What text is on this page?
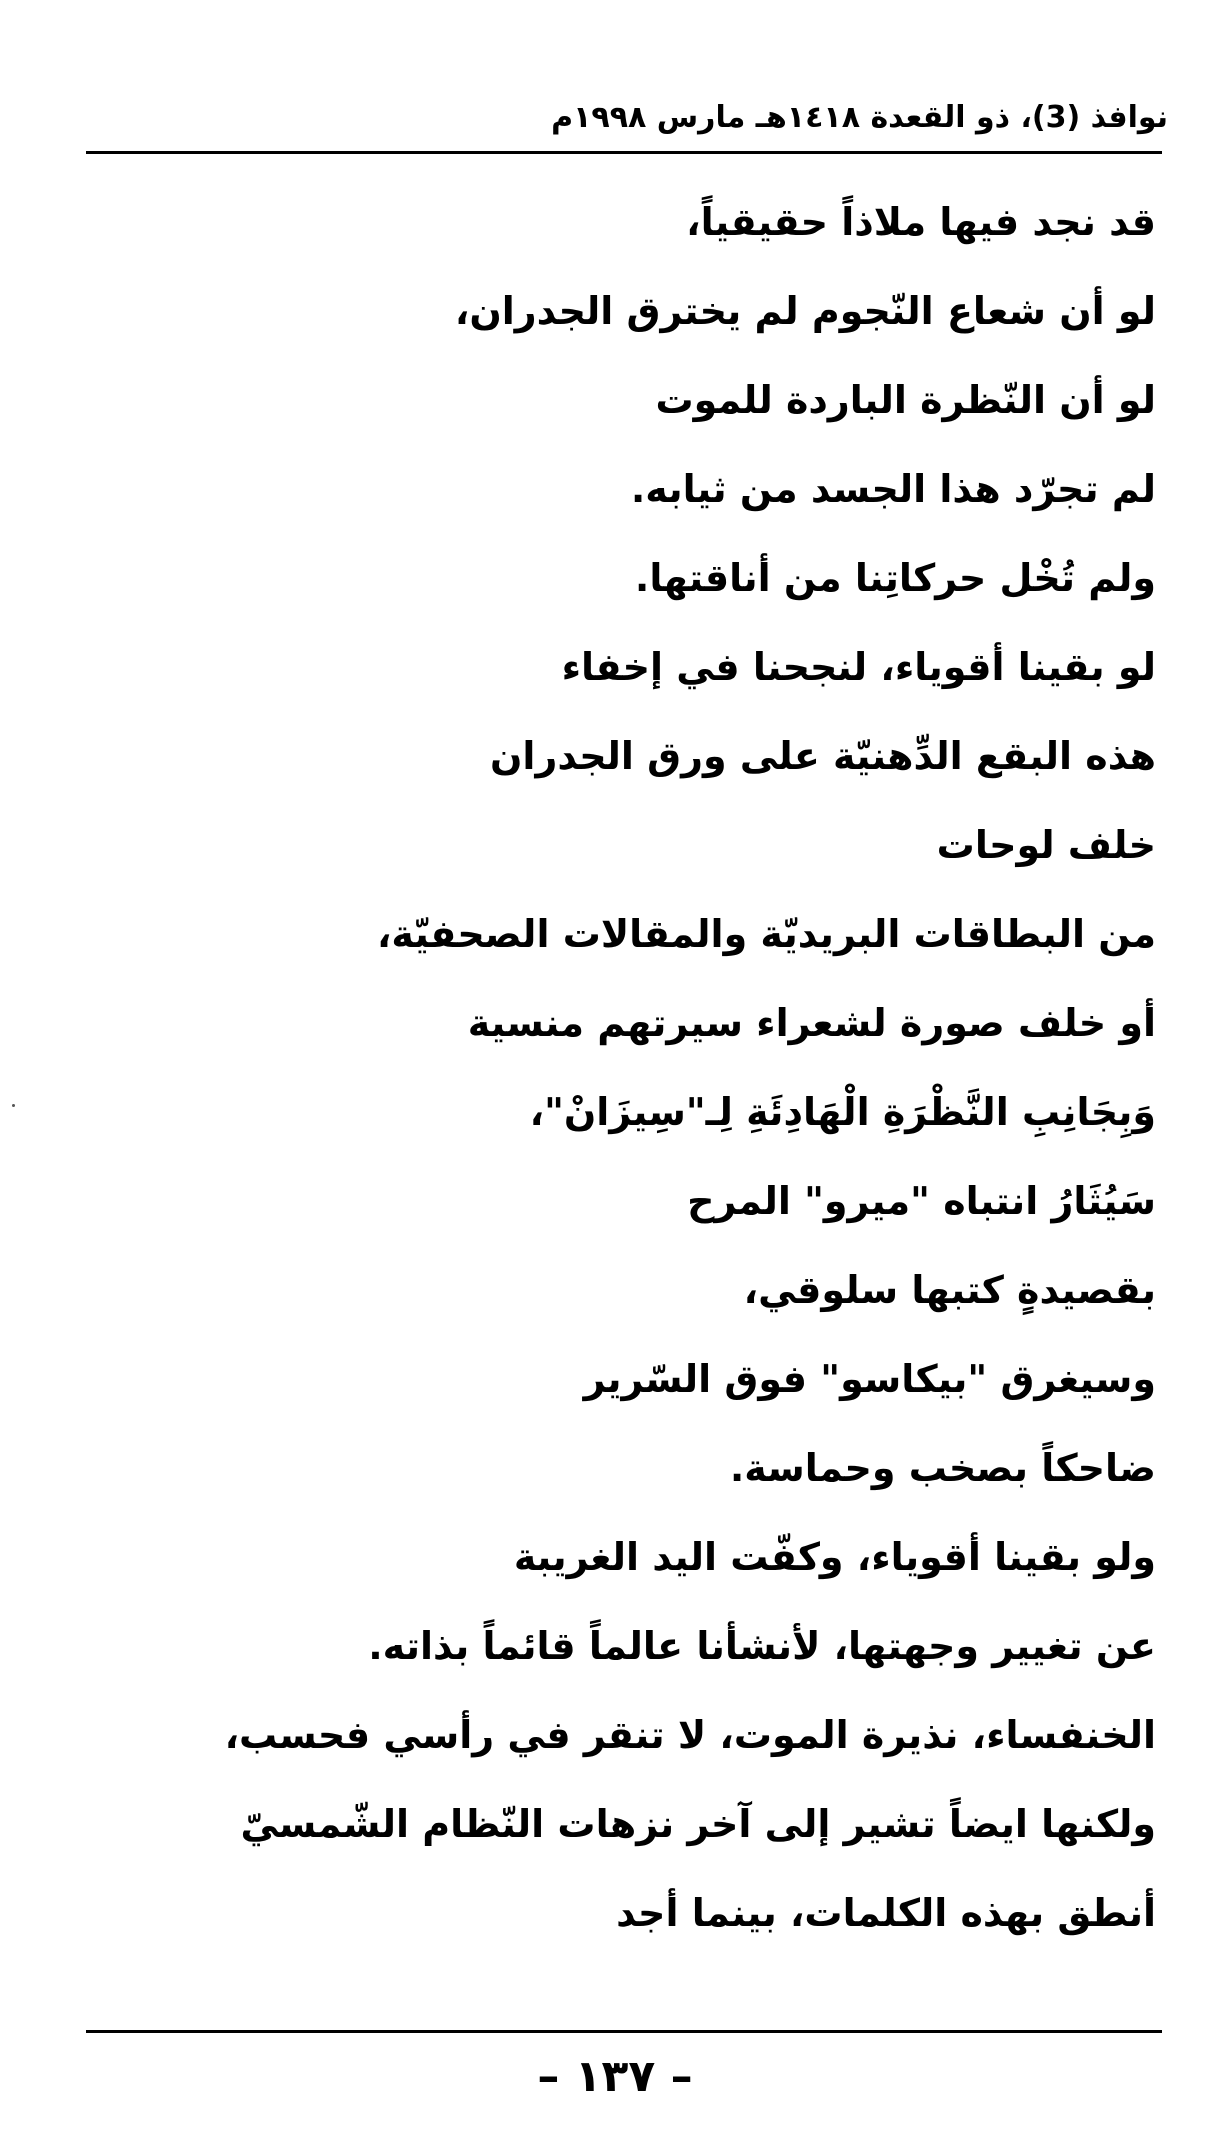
نوافذ (3)، ذو القعدة ١٤١٨هـ مارس ١٩٩٨م
قد نجد فيها ملاذاً حقيقياً،
لو أن شعاع النّجوم لم يخترق الجدران،
لو أن النّظرة الباردة للموت
لم تجرّد هذا الجسد من ثيابه.
ولم تُخْل حركاتِنا من أناقتها.
لو بقينا أقوياء، لنجحنا في إخفاء
هذه البقع الدِّهنيّة على ورق الجدران
خلف لوحات
من البطاقات البريديّة والمقالات الصحفيّة،
أو خلف صورة لشعراء سيرتهم منسية
وَبِجَانِبِ النَّظْرَةِ الْهَادِئَةِ لِـ"سِيزَانْ"،
سَيُثَارُ انتباه "ميرو" المرح
بقصيدةٍ كتبها سلوقي،
وسيغرق "بيكاسو" فوق السّرير
ضاحكاً بصخب وحماسة.
ولو بقينا أقوياء، وكفّت اليد الغريبة
عن تغيير وجهتها، لأنشأنا عالماً قائماً بذاته.
الخنفساء، نذيرة الموت، لا تنقر في رأسي فحسب،
ولكنها ايضاً تشير إلى آخر نزهات النّظام الشّمسيّ
أنطق بهذه الكلمات، بينما أجد
– ١٣٧ –
